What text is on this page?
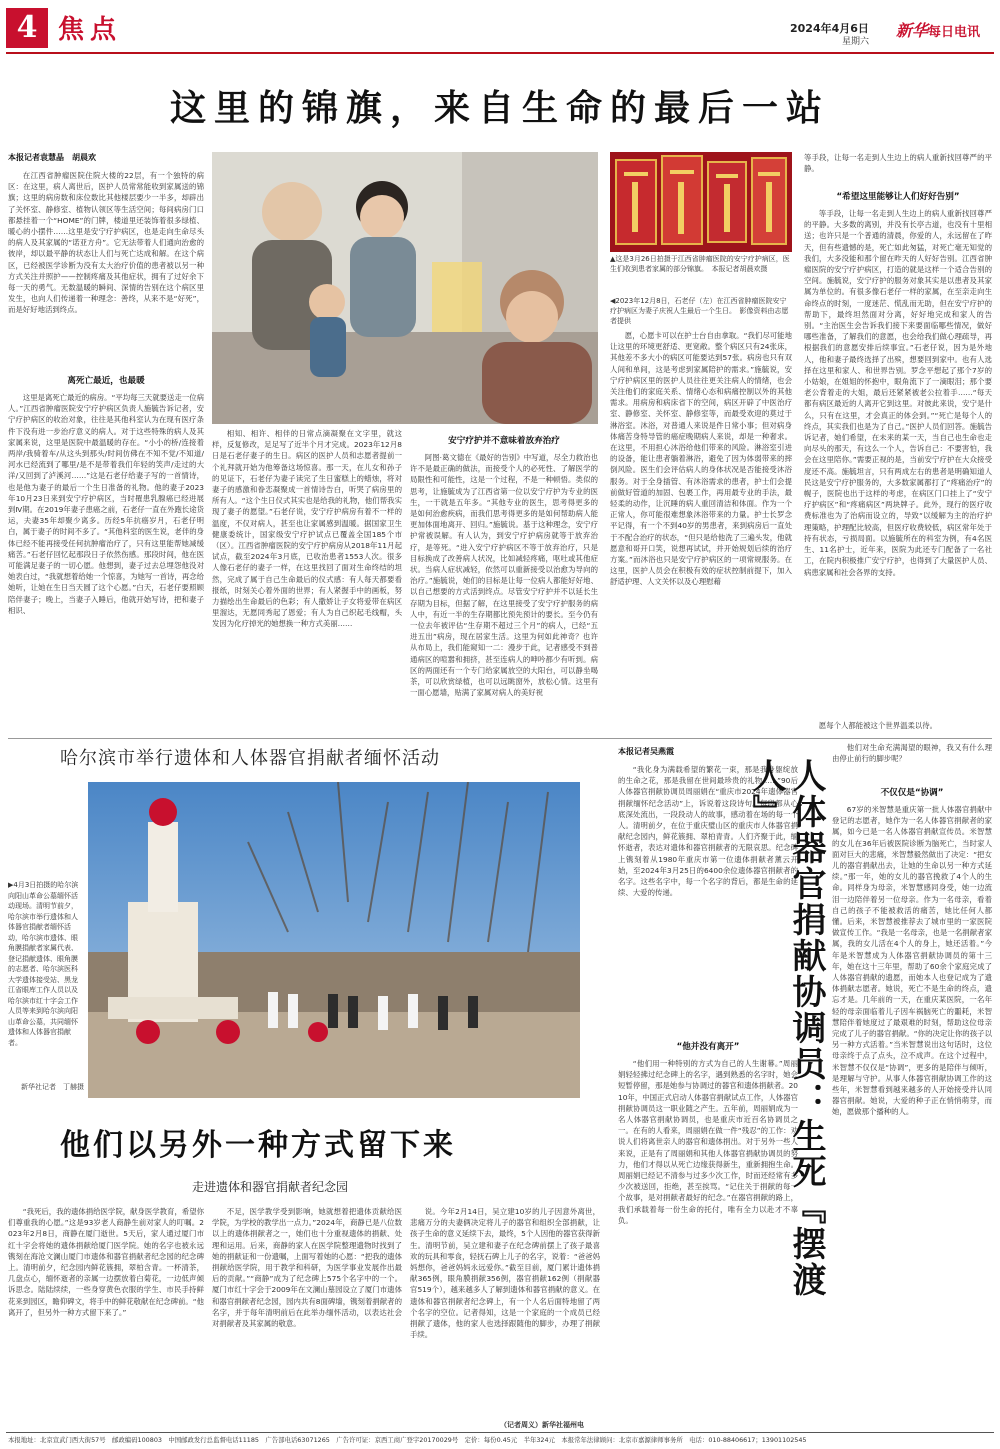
4 焦点	2024年4月6日
星期六
新华每日电讯
这里的锦旗，来自生命的最后一站
本报记者袁慧晶　胡晨欢

在江西省肿瘤医院住院大楼的22层，有一个独特的病区：在这里，病人离世后，医护人员常常能收到家属送的锦旗；这里的病房数和床位数比其他楼层要少一半多，却辟出了关怀室、静修室、植物认领区等生活空间；每间病房门口都悬挂着一个“HOME”的门牌，楼道里还装饰着很多绿植、暖心的小摆件……这里是安宁疗护病区，也是走向生命尽头的病人及其家属的“诺亚方舟”。它无法带着人们通向治愈的彼岸，却以最平静的状态让人们与死亡达成和解。在这个病区，已经被医学诊断为没有太大治疗价值的患者被以另一种方式关注并照护——控制疼痛及其他症状，拥有了过好余下每一天的勇气。无数温暖的瞬间、深情的告别在这个病区里发生，也向人们传递着一种理念：善终，从来不是“好死”，而是好好地活到终点。

离死亡最近，也最暖

这里是离死亡最近的病房。“平均每三天就要送走一位病人。”江西省肿瘤医院安宁疗护病区负责人施毓告诉记者，安宁疗护病区的收治对象，往往是其他科室认为在现有医疗条件下没有进一步治疗意义的病人。对于这些特殊的病人及其家属来说，这里是医院中最温暖的存在。“小小的桥/连接着两岸/我骑着车/从这头到那头/时间仿佛在不知不觉/不知道/河水已经流到了哪里/是不是带着我们年轻的笑声/走过的大洋/又回到了泸溪河……”这是石老仔给妻子写的一首情诗，也是他为妻子的最后一个生日准备的礼物。他的妻子2023年10月23日来到安宁疗护病区，当时罹患乳腺癌已经进展到Ⅳ期。在2019年妻子患癌之前，石老仔一直在外跑长途货运，夫妻35年却聚少离多。历经5年抗癌岁月，石老仔明白，属于妻子的时间不多了。“其他科室的医生说，老伴的身体已经不能再接受任何抗肿瘤治疗了，只有这里能帮她减缓痛苦。”石老仔回忆起那段日子依然伤感。那段时间，他在医可能满足妻子的一切心愿。他想到，妻子过去总埋怨他没对她表白过，“我就想着给她一个惊喜，为她写一首诗，再念给她听，让她在生日当天圆了这个心愿。”白天，石老仔要照顾陪伴妻子；晚上，当妻子入睡后，他就开始写诗，把和妻子相识、

▲这是3月26日拍摄于江西省肿瘤医院的安宁疗护病区，医生们收到患者家属的部分锦旗。　本报记者胡晨欢摄
◀2023年12月8日，石老仔（左）在江西省肿瘤医院安宁疗护病区为妻子庆祝人生最后一个生日。　影像资料由志愿者提供

相知、相许、相伴的日常点滴凝聚在文字里，就这样，反复修改，足足写了近半个月才完成。2023年12月8日是石老仔妻子的生日。病区的医护人员和志愿者提前一个礼拜就开始为他筹备这场惊喜。那一天，在儿女和孙子的见证下，石老仔为妻子读完了生日蜜糕上的蜡烛，将对妻子的感激和眷恋凝聚成一首情诗告白，听哭了病房里的所有人。“这个生日仪式其实也是给我的礼物，他们帮我实现了妻子的愿望。”石老仔说，安宁疗护病房有着不一样的温度，不仅对病人，甚至也让家属感到温暖。据国家卫生健康委统计，国家级安宁疗护试点已覆盖全国185个市（区）。江西省肿瘤医院的安宁疗护病房从2018年11月起试点，截至2024年3月底，已收治患者1553人次。很多人像石老仔的妻子一样，在这里找回了面对生命终结的坦然，完成了属于自己生命最后的仪式感：有人每天都要看报纸，时刻关心着外面的世界；有人紧握手中的画板，努力描绘出生命最后的色彩；有人撒娇让子女将爱带在病区里溜达，无愿同秀起了恩爱；有人为自己织起毛线帽，头发因为化疗掉光的她想换一种方式美丽……

安宁疗护并不意味着放弃治疗

阿图·葛文德在《最好的告别》中写道，尽全力救治也许不是最正确的做法，而接受个人的必死性、了解医学的局限性和可能性，这是一个过程，不是一种顿悟。类似的思考，让施毓成为了江西省第一位以安宁疗护为专业的医生，一干就是五年多。“其他专业的医生，思考得更多的是如何治愈疾病，而我们思考得更多的是如何帮助病人能更加体面地离开、回归。”施毓说。基于这种理念，安宁疗护常被误解。有人认为，到安宁疗护病房就等于放弃治疗，是等死。“进入安宁疗护病区不等于放弃治疗，只是目标换成了改善病人状况，比如减轻疼痛，呕吐或其他症状。当病人症状减轻，依然可以重新接受以治愈为导向的治疗。”施毓说，她们的目标是让每一位病人都能好好地、以自己想要的方式活到终点。尽管安宁疗护并不以延长生存期为目标，但据了解，在这里接受了安宁疗护服务的病人中，有近一半的生存期都比预先预计的要长。至今仍有一位去年被评估“生存期不超过三个月”的病人，已经“五进五出”病房，现在居家生活。这里为何如此神奇？也许从布局上，我们能窥知一二：漫步于此，记者感受不到普通病区的喧嚣和拥挤，甚至连病人的呻吟都少有听到。病区的两面还有一个专门给家属放空的大阳台，可以静坐喝茶，可以欣赏绿植，也可以远眺窗外，放松心情。这里有一面心愿墙，贴满了家属对病人的美好祝

愿，心愿卡可以在护士台自由拿取。“我们尽可能地让这里的环境更舒适、更宽敞。整个病区只有24张床，其他差不多大小的病区可能要达到57张。病房也只有双人间和单间，这是考虑到家属陪护的需求。”施毓说，安宁疗护病区里的医护人员往往更关注病人的情绪，也会关注他们的家庭关系、情绪心态和病痛控制以外的其他需求。用病房和病床省下的空间，病区开辟了中医治疗室、静修室、关怀室、静修室等，而最受欢迎的莫过于淋浴室。沐浴，对普通人来说是件日常小事；但对病身体痛苦身特导管的癌症晚期病人来说，却是一种奢求。在这里，不用担心沐浴给他们带来的风险。淋浴室引进的设备，能让患者躺着淋浴，避免了因为体弱带来的摔倒风险。医生们会评估病人的身体状况是否能接受沐浴服务。对于全身插管、有沐浴需求的患者，护士们会提前做好管道的加固、包裹工作，再用最专业的手法，最轻柔的动作，让沉睡的病人重回清洁和体面。作为一个正常人，你可能很难想象沐浴带来的力量。护士长罗念平记得，有一个不到40岁的男患者，来到病房后一直处于不配合治疗的状态，“但只是给他洗了三遍头发，他就愿意和哥开口笑，说想再试试，并开始规划后续的治疗方案。”而沐浴也只是安宁疗护病区的一项常规服务。在这里，医护人员会在积极有效的症状控制前提下，加入舒适护理、人文关怀以及心理慰藉

等手段，让每一名走到人生边上的病人重新找回尊严的平静。

“希望这里能够让人们好好告别”

等手段，让每一名走到人生边上的病人重新找回尊严的平静。大多数的离别，并没有长亭古道，也没有十里相送；也许只是一个普通的清晨，你爱的人，永远留在了昨天，但有些遗憾的是，死亡如此匆猛，对死亡毫无知觉的我们，大多没能和那个留在昨天的人好好告别。江西省肿瘤医院的安宁疗护病区，打造的就是这样一个适合告别的空间。施毓说，安宁疗护的服务对象其实是以患者及其家属为单位的。有很多像石老仔一样的家属，在至亲走向生命终点的时刻，一度迷茫、慌乱而无助，但在安宁疗护的帮助下，最终坦然面对分离，好好地完成和家人的告别。“主治医生会告诉我们接下来要面临哪些情况，做好哪些准备，了解我们的意愿，也会给我们做心理疏导，再根据我们的意愿安排后续事宜。”石老仔说，因为是外地人，他和妻子最终选择了出殡，想要回到家中。也有人选择在这里和家人、和世界告别。罗念平想起了那个7岁的小姑娘，在姐姐的怀抱中，眼角流下了一滴眼泪；那个要老公背着走的大姐，最后还紧紧被老公拉着手……“每天都有病区最近的人离开它到这里。对彼此来说，安宁是什么，只有在这里，才会真正的体会到。”“死亡是每个人的终点，其实我们也是为了自己。”医护人员们回答。施毓告诉记者，她们希望，在未来的某一天，当自己也生命也走向尽头的那天，有这么一个人，告诉自己：不要害怕，我会在这里陪你。”需要正视的是，当前安宁疗护在大众接受度还不高。施毓坦言，只有两成左右的患者是明确知道人民这是安宁疗护服务的，大多数家属都打了“疼痛治疗”的幌子，医院也出于这样的考虑，在病区门口挂上了“安宁疗护病区”和“疼痛病区”两块牌子。此外，现行的医疗收费标准也为了治病而设立的，导致“以缓解为主的治疗护理策略，护理配比较高，但医疗收费较低，病区常年处于持有状态，亏损局面。以施毓所在的科室为例，有4名医生、11名护士，近年来，医院为此还专门配备了一名社工，在院内积极推广安宁疗护，也得到了大量医护人员、病患家属和社会各界的支持。

愿每个人都能被这个世界温柔以待。

哈尔滨市举行遗体和人体器官捐献者缅怀活动
▶4月3日拍摄的哈尔滨向阳山革命公墓缅怀活动现场。清明节前夕，哈尔滨市举行遗体和人体器官捐献者缅怀活动，哈尔滨市遗体、眼角膜捐献者家属代表、登记捐献遗体、眼角膜的志愿者、哈尔滨医科大学遗体接受站、黑龙江省眼库工作人员以及哈尔滨市红十字会工作人员等来到哈尔滨向阳山革命公墓，共同缅怀遗体和人体器官捐献者。
新华社记者　丁赫摄
他们以另外一种方式留下来
走进遗体和器官捐献者纪念园

“我死后，我的遗体捐给医学院，献身医学教育，希望你们尊重我的心愿。”这是93岁老人商静生前对家人的叮嘱。2023年2月8日，商静在厦门逝世。5天后，家人通过厦门市红十字会将她的遗体捐献给厦门医学院。她的名字也被永远镌刻在海沧文澜山厦门市遗体和器官捐献者纪念园的纪念碑上。清明前夕，纪念园内鲜花簇拥，翠柏含青。一杯清茶，几盘点心，缅怀逝者的亲属一边摆放着白菊花，一边低声倾诉思念。陆陆续续，一些身穿黄色衣服的学生、市民手持鲜花来到园区，瞻仰碑文，将手中的鲜花敬献在纪念碑前。“他离开了，但另外一种方式留下来了。”

不足，医学教学受到影响，她就想着把遗体贡献给医学院，为学校的教学出一点力。”2024年，商静已是八位数以上的遗体捐献者之一，她们也十分重视遗体的捐献、处理和运用。后来，商静的家人在医学院整理遗物时找到了她的捐献证和一份遗嘱，上面写着她的心愿：“把我的遗体捐献给医学院，用于教学和科研，为医学事业发展作出最后的贡献。”“商静”成为了纪念碑上575个名字中的一个。厦门市红十字会于2009年在文澜山墓园设立了厦门市遗体和器官捐献者纪念园，园内共有8面碑墙，镌刻着捐献者的名字，并于每年清明前后在此举办缅怀活动，以表达社会对捐献者及其家属的敬意。

说。今年2月14日，吴立建10岁的儿子因意外离世，悲痛万分的夫妻俩决定将儿子的器官和组织全部捐献，让孩子生命的意义延续下去，最终，5个人因他的器官获得新生。清明节前，吴立建和妻子在纪念碑前摆上了孩子最喜欢的玩具和零食，轻抚石碑上儿子的名字，说着：“爸爸妈妈想你，爸爸妈妈永远爱你。”截至目前，厦门累计遗体捐献365例，眼角膜捐献356例，器官捐献162例（捐献器官519个），越来越多人了解到遗体和器官捐献的意义。在遗体和器官捐献者纪念碑上，有一个人名后面特地留了两个名字的空位。记者得知，这是一个家庭的一个成员已经捐献了遗体，他的家人也选择跟随他的脚步，办理了捐献手续。

（记者周义）新华社福州电
本报记者吴燕霞

“我化身为满载希望的繁花一束，那是我身躯绽放的生命之花，那是我留在世间最珍贵的礼物……”90后人体器官捐献协调员周丽娟在“重庆市2024年遗体器官捐献缅怀纪念活动”上，诉说着这段诗句。每段都从心底深处流出，一段段动人的故事，感动着在场的每一个人。清明前夕，在位于重庆璧山区的重庆市人体器官捐献纪念园内，鲜花簇拥、翠柏青青。人们齐聚于此，缅怀逝者，表达对遗体和器官捐献者的无限哀思。纪念碑上镌刻着从1980年重庆市第一位遗体捐献者薰云开始，至2024年3月25日的6400余位遗体器官捐献者的名字。这些名字中，每一个名字的背后，都是生命的延续、大爱的传递。

“他并没有离开”

“他们用一种特别的方式为自己的人生谢幕。”周丽娟轻轻拂过纪念碑上的名字，遇到熟悉的名字时，她会短暂停留，那是她参与协调过的器官和遗体捐献者。2010年，中国正式启动人体器官捐献试点工作，人体器官捐献协调员这一职业随之产生。五年前，周丽娟成为一名人体器官捐献协调员，也是重庆市近百名协调员之一。在有的人看来，周丽娟在做一件“残忍”的工作：劝说人们将离世亲人的器官和遗体捐出。对于另外一些人来说，正是有了周丽娟和其他人体器官捐献协调员的努力，他们才得以从死亡边缘获得新生，重新拥抱生命。周丽娟已经记不清参与过多少次工作，时而还经常有多少次被送回，拒绝，甚至挨骂。“记住关于捐献的每一个故事，是对捐献者最好的纪念。”在器官捐献的路上，我们承载着每一份生命的托付，唯有全力以赴才不辜负。	人体器官捐献协调员：生死『摆渡人』

他们对生命充满渴望的眼神，我又有什么理由停止前行的脚步呢？

不仅仅是“协调”

67岁的米智慧是重庆第一批人体器官捐献中登记的志愿者，她作为一名人体器官捐献者的家属，如今已是一名人体器官捐献宣传员。米智慧的女儿在36年后被医院诊断为脑死亡，当时家人面对巨大的悲痛，米智慧毅然做出了决定：“把女儿的器官捐献出去，让她的生命以另一种方式延续。”那一年，她的女儿的器官挽救了4个人的生命。同样身为母亲，米智慧感同身受，她一边流泪一边陪伴着另一位母亲。作为一名母亲，看着自己的孩子不能被救活的痛苦，她比任何人都懂。后来，米智慧被推荐去了城市里的一家医院做宣传工作。“我是一名母亲，也是一名捐献者家属，我的女儿活在4个人的身上，她还活着。”今年是米智慧成为人体器官捐献协调员的第十三年，她在这十三年里，帮助了60余个家庭完成了人体器官捐献的遗愿，而她本人也登记成为了遗体捐献志愿者。她说，死亡不是生命的终点，遗忘才是。几年前的一天，在重庆某医院，一名年轻的母亲面临着儿子因车祸脑死亡的噩耗，米智慧陪伴着她度过了最艰难的时刻，帮助这位母亲完成了儿子的器官捐献。“你的决定让你的孩子以另一种方式活着。”当米智慧说出这句话时，这位母亲终于点了点头，泣不成声。在这个过程中，米智慧不仅仅是“协调”，更多的是陪伴与倾听，是理解与守护。从事人体器官捐献协调工作的这些年，米智慧看到越来越多的人开始接受并认同器官捐献。她说，大爱的种子正在悄悄萌芽，而她，愿做那个播种的人。

本报地址：北京宣武门西大街57号　邮政编码100803　中国邮政发行总监督电话11185　广告部电话63071265　广告许可证：京西工商广登字20170029号　定价：每份0.45元　半年324元　本报常年法律顾问：北京市嘉源律师事务所　电话：010-88406617；13901102545
